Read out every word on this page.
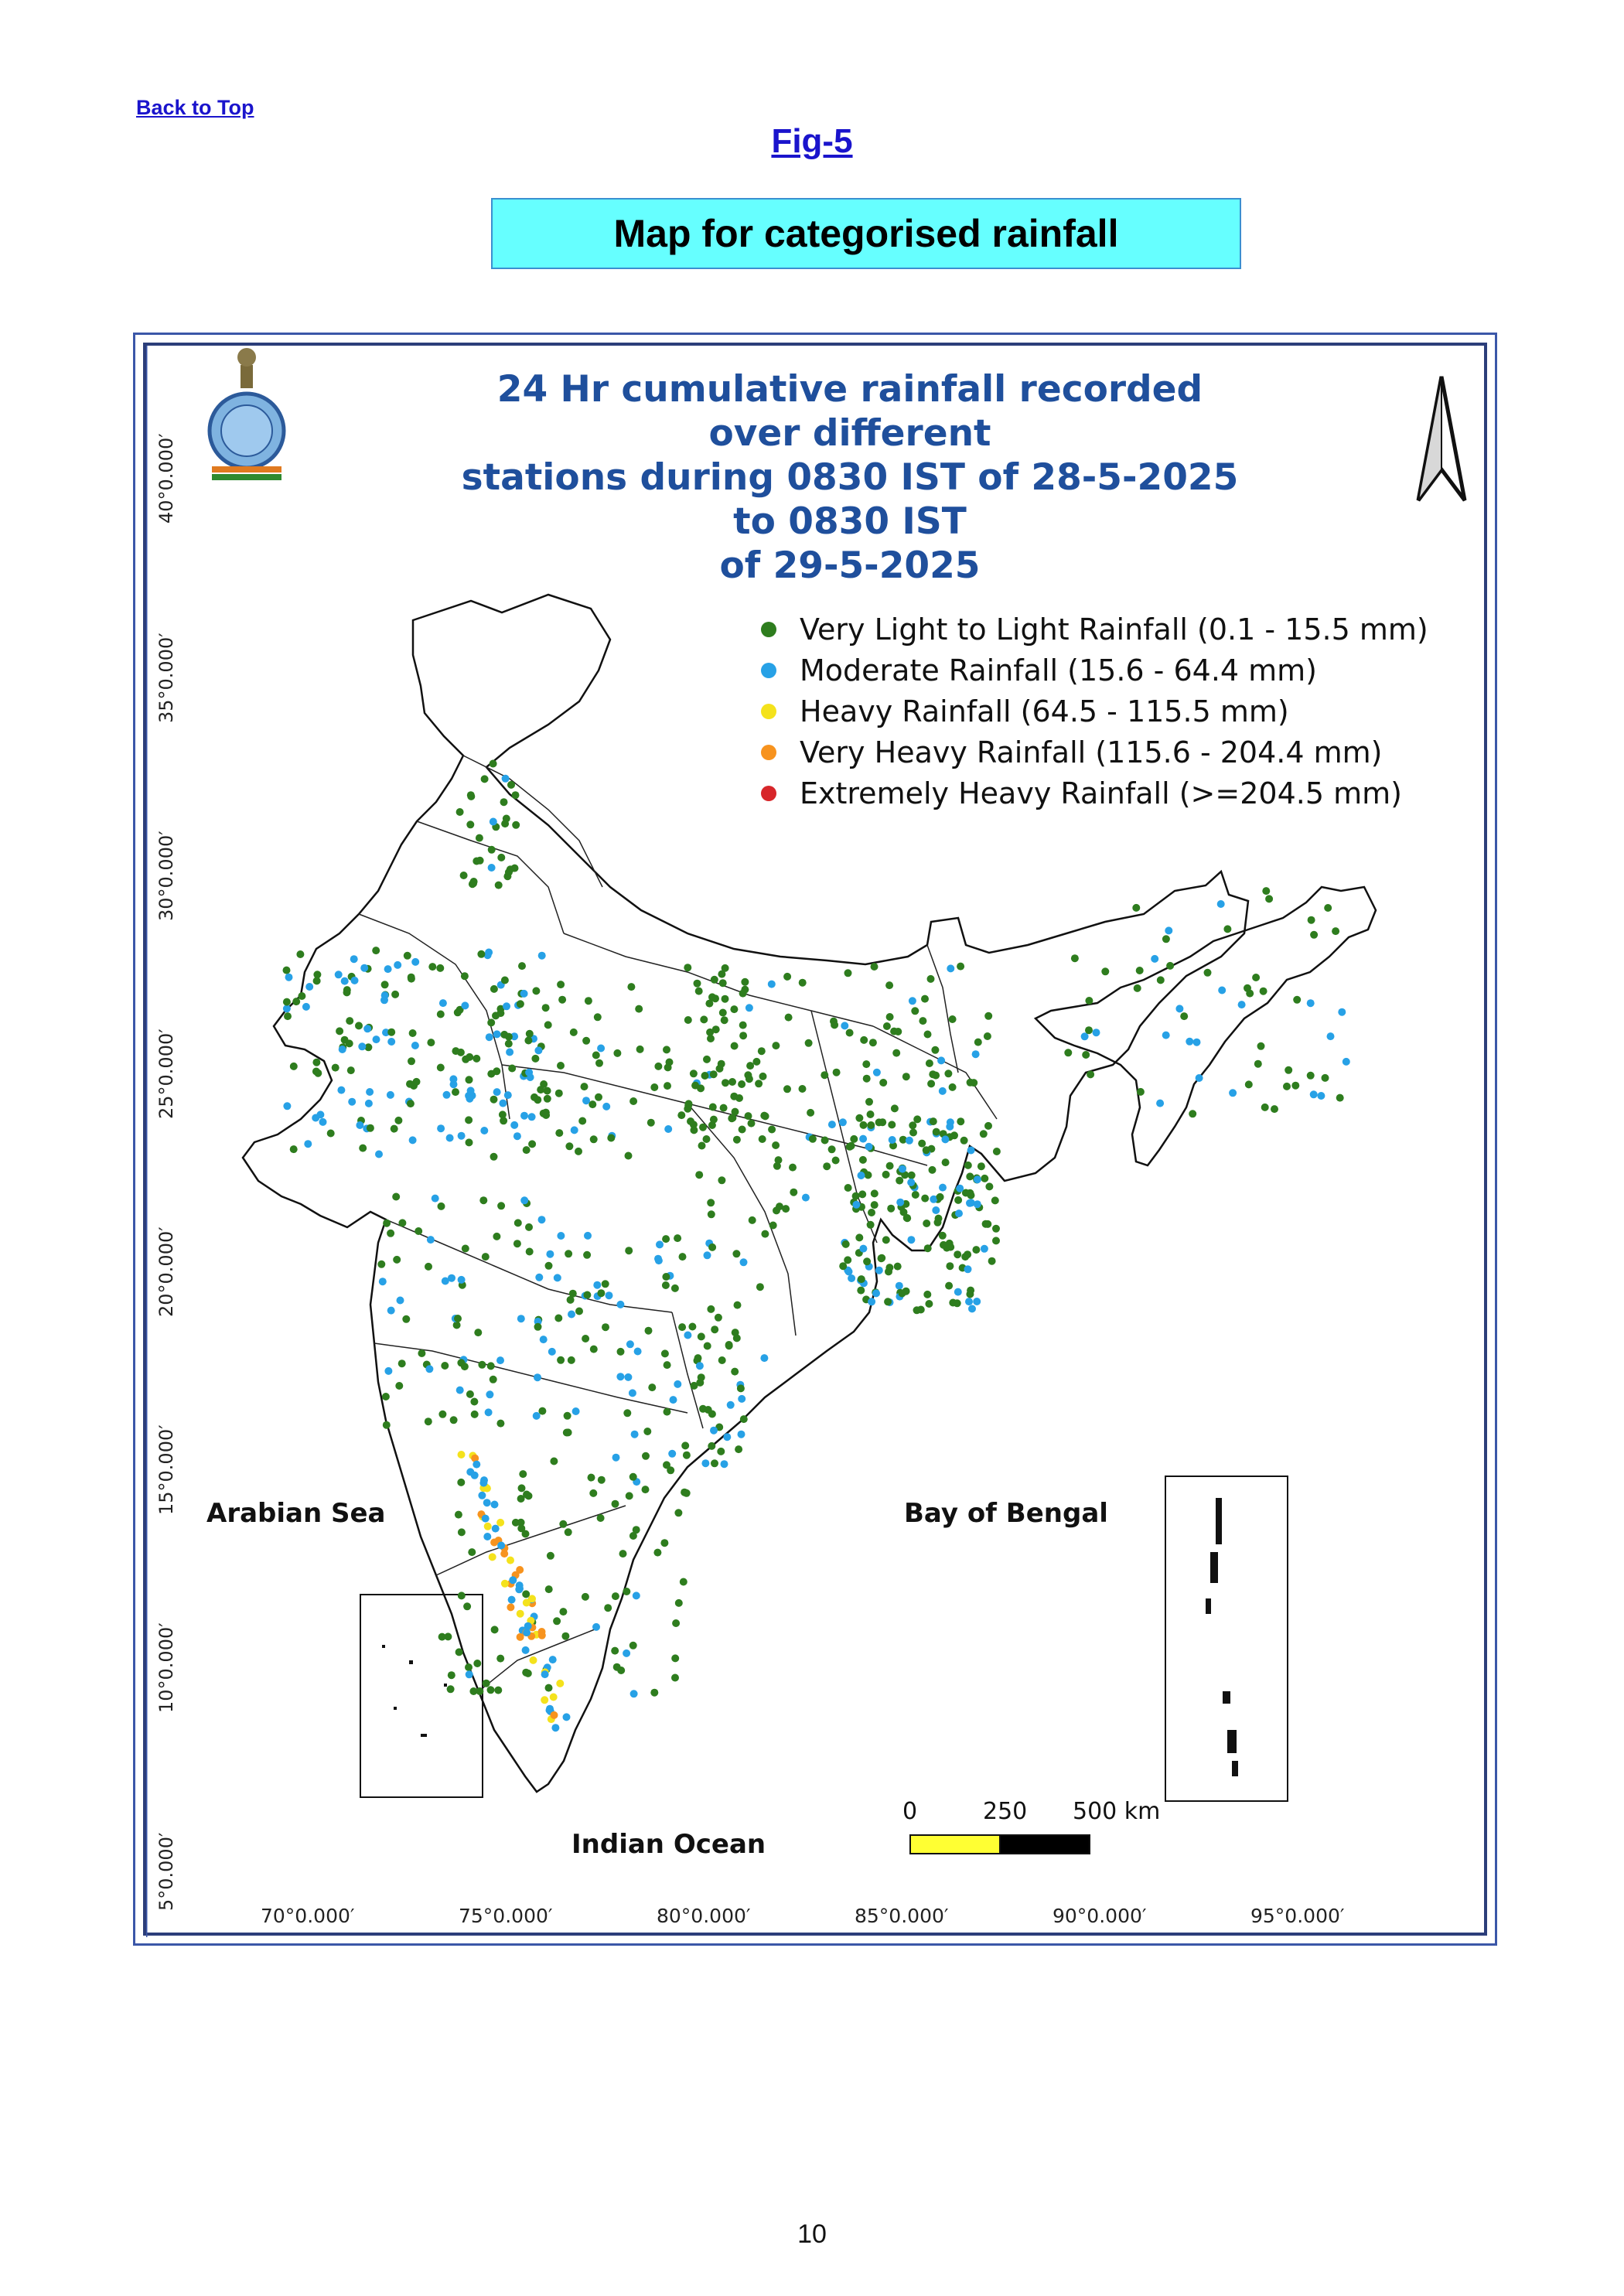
Back to Top
Fig-5
Map for categorised rainfall
24 Hr cumulative rainfall recorded over different
stations during 0830 IST of 28-5-2025 to 0830 IST
of 29-5-2025
Very Light to Light Rainfall (0.1 - 15.5 mm)
Moderate Rainfall (15.6 - 64.4 mm)
Heavy Rainfall (64.5 - 115.5 mm)
Very Heavy Rainfall (115.6 - 204.4 mm)
Extremely Heavy Rainfall (>=204.5 mm)
Arabian Sea	Bay of Bengal
Indian Ocean
40°0.000′
35°0.000′
30°0.000′
25°0.000′
20°0.000′
15°0.000′
10°0.000′
5°0.000′
70°0.000′	75°0.000′	80°0.000′	85°0.000′	90°0.000′	95°0.000′
0	250 500 km
10
